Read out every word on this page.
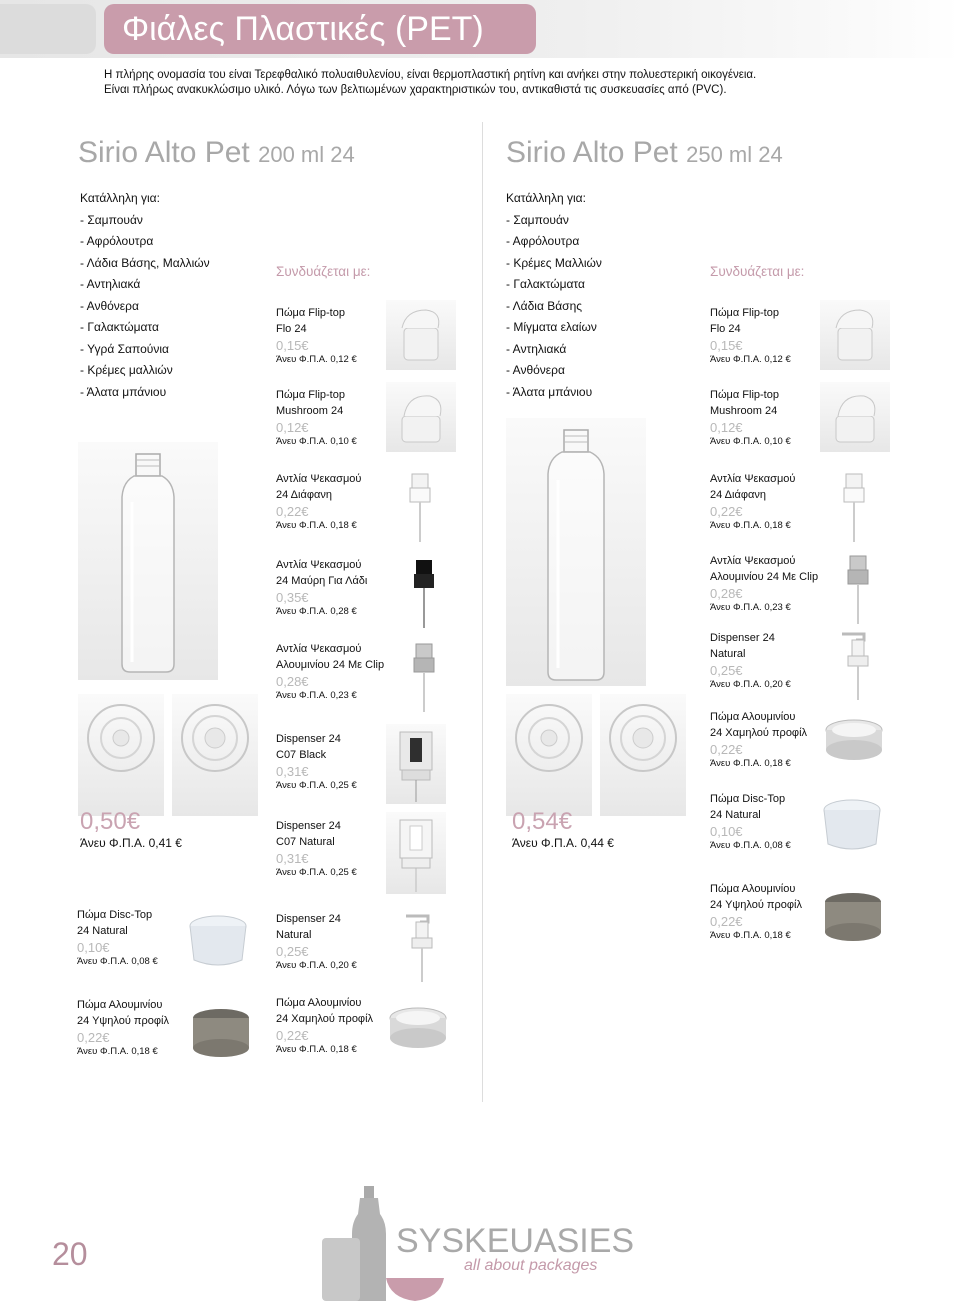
Φιάλες Πλαστικές (PET)
Η πλήρης ονομασία του είναι Τερεφθαλικό πολυαιθυλενίου, είναι θερμοπλαστική ρητίνη και ανήκει στην πολυεστερική οικογένεια.
Είναι πλήρως ανακυκλώσιμο υλικό. Λόγω των βελτιωμένων χαρακτηριστικών του, αντικαθιστά τις συσκευασίες από (PVC).
Sirio Alto Pet 200 ml 24
Κατάλληλη για:
- Σαμπουάν
- Αφρόλουτρα
- Λάδια Βάσης, Μαλλιών
- Αντηλιακά
- Ανθόνερα
- Γαλακτώματα
- Υγρά Σαπούνια
- Κρέμες μαλλιών
- Άλατα μπάνιου
Συνδυάζεται με:
0,50€
Άνευ Φ.Π.Α. 0,41 €
Πώμα Disc-Top
24 Natural
0,10€
Άνευ Φ.Π.Α. 0,08 €
Πώμα Αλουμινίου
24 Υψηλού προφίλ
0,22€
Άνευ Φ.Π.Α. 0,18 €
Πώμα Flip-top
Flo 24
0,15€
Άνευ Φ.Π.Α. 0,12 €
Πώμα Flip-top
Mushroom 24
0,12€
Άνευ Φ.Π.Α. 0,10 €
Αντλία Ψεκασμού
24 Διάφανη
0,22€
Άνευ Φ.Π.Α. 0,18 €
Αντλία Ψεκασμού
24 Μαύρη Για Λάδι
0,35€
Άνευ Φ.Π.Α. 0,28 €
Αντλία Ψεκασμού
Αλουμινίου 24 Με Clip
0,28€
Άνευ Φ.Π.Α. 0,23 €
Dispenser 24
C07 Black
0,31€
Άνευ Φ.Π.Α. 0,25 €
Dispenser 24
C07 Natural
0,31€
Άνευ Φ.Π.Α. 0,25 €
Dispenser 24
Natural
0,25€
Άνευ Φ.Π.Α. 0,20 €
Πώμα Αλουμινίου
24 Χαμηλού προφίλ
0,22€
Άνευ Φ.Π.Α. 0,18 €
Sirio Alto Pet 250 ml 24
Κατάλληλη για:
- Σαμπουάν
- Αφρόλουτρα
- Κρέμες Μαλλιών
- Γαλακτώματα
- Λάδια Βάσης
- Μίγματα ελαίων
- Αντηλιακά
- Ανθόνερα
- Άλατα μπάνιου
Συνδυάζεται με:
0,54€
Άνευ Φ.Π.Α. 0,44 €
Πώμα Flip-top
Flo 24
0,15€
Άνευ Φ.Π.Α. 0,12 €
Πώμα Flip-top
Mushroom 24
0,12€
Άνευ Φ.Π.Α. 0,10 €
Αντλία Ψεκασμού
24 Διάφανη
0,22€
Άνευ Φ.Π.Α. 0,18 €
Αντλία Ψεκασμού
Αλουμινίου 24 Με Clip
0,28€
Άνευ Φ.Π.Α. 0,23 €
Dispenser 24
Natural
0,25€
Άνευ Φ.Π.Α. 0,20 €
Πώμα Αλουμινίου
24 Χαμηλού προφίλ
0,22€
Άνευ Φ.Π.Α. 0,18 €
Πώμα Disc-Top
24 Natural
0,10€
Άνευ Φ.Π.Α. 0,08 €
Πώμα Αλουμινίου
24 Υψηλού προφίλ
0,22€
Άνευ Φ.Π.Α. 0,18 €
20	SYSKEUASIES
all about packages
